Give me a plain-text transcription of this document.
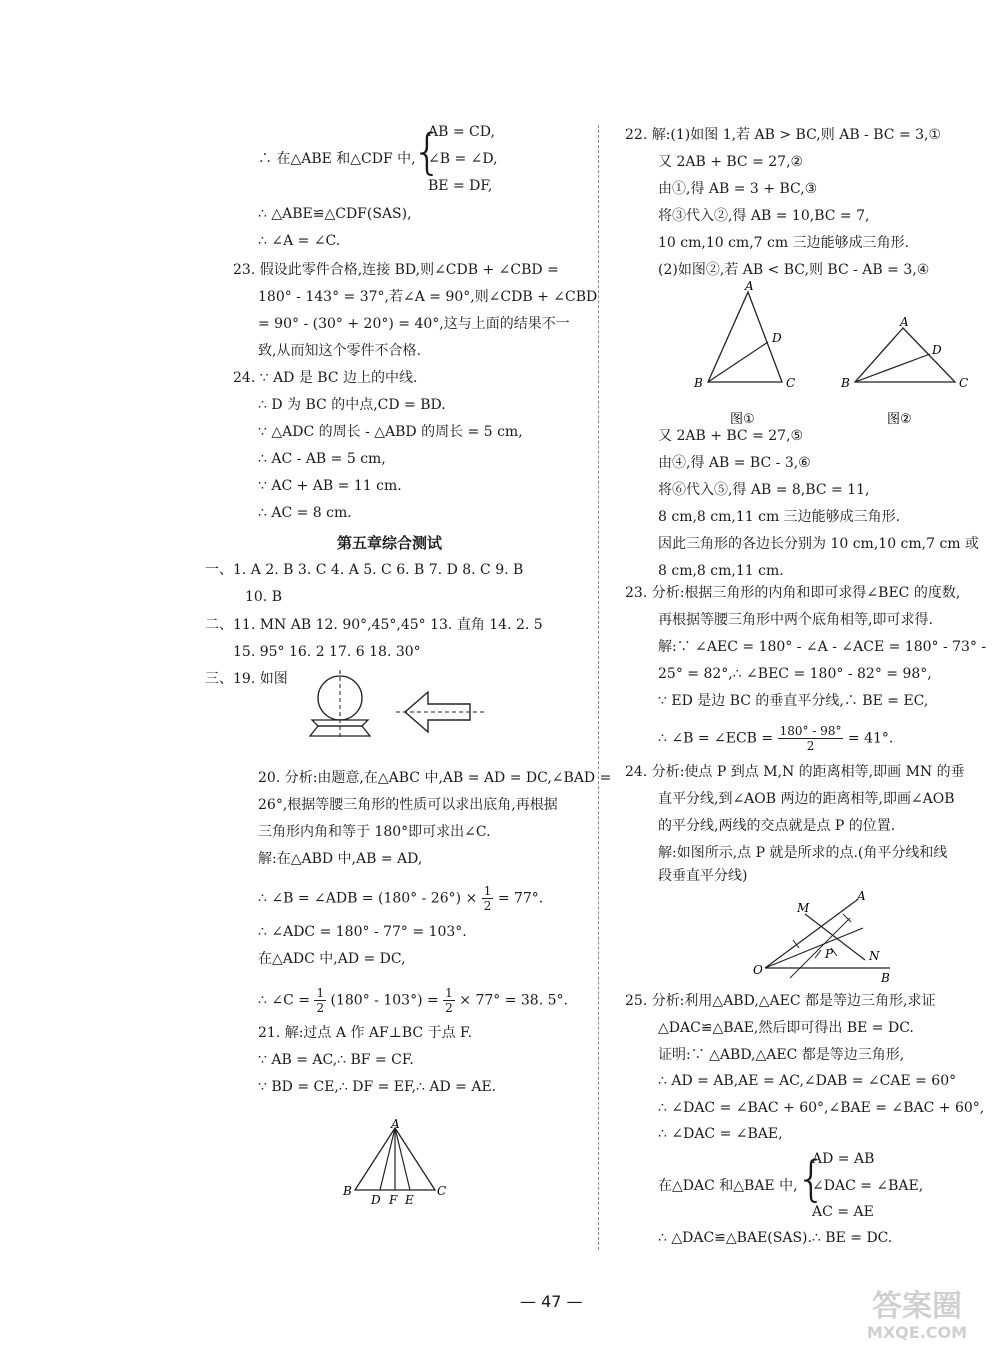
AB = CD,
{
∴ 在△ABE 和△CDF 中, ∠B = ∠D,
BE = DF,
∴ △ABE≌△CDF(SAS),
∴ ∠A = ∠C.
23. 假设此零件合格,连接 BD,则∠CDB + ∠CBD =
180° - 143° = 37°,若∠A = 90°,则∠CDB + ∠CBD
= 90° - (30° + 20°) = 40°,这与上面的结果不一
致,从而知这个零件不合格.
24. ∵ AD 是 BC 边上的中线.
∴ D 为 BC 的中点,CD = BD.
∵ △ADC 的周长 - △ABD 的周长 = 5 cm,
∴ AC - AB = 5 cm,
∵ AC + AB = 11 cm.
∴ AC = 8 cm.
第五章综合测试
一、1. A 2. B 3. C 4. A 5. C 6. B 7. D 8. C 9. B
10. B
二、11. MN AB 12. 90°,45°,45° 13. 直角 14. 2. 5
15. 95° 16. 2 17. 6 18. 30°
三、19. 如图
20. 分析:由题意,在△ABC 中,AB = AD = DC,∠BAD =
26°,根据等腰三角形的性质可以求出底角,再根据
三角形内角和等于 180°即可求出∠C.
解:在△ABD 中,AB = AD,
∴ ∠B = ∠ADB = $(180^\circ - 26^\circ) \times \frac{1}{2} = 77^\circ$.
∴ ∠ADC = 180° - 77° = 103°.
在△ADC 中,AD = DC,
∴ ∠C = $\frac{1}{2} (180^\circ - 103^\circ) = \frac{1}{2} \times 77^\circ = 38$. 5°.
21. 解:过点 A 作 AF⊥BC 于点 F.
∵ AB = AC,∴ BF = CF.
∵ BD = CE,∴ DF = EF,∴ AD = AE.
A
B	C
D F E
22. 解:(1)如图 1,若 AB > BC,则 AB - BC = 3,①
又 2AB + BC = 27,②
由①,得 AB = 3 + BC,③
将③代入②,得 AB = 10,BC = 7,
10 cm,10 cm,7 cm 三边能够成三角形.
(2)如图②,若 AB < BC,则 BC - AB = 3,④
A
B	C
D
图①
A
B	C
D
图②
又 2AB + BC = 27,⑤
由④,得 AB = BC - 3,⑥
将⑥代入⑤,得 AB = 8,BC = 11,
8 cm,8 cm,11 cm 三边能够成三角形.
因此三角形的各边长分别为 10 cm,10 cm,7 cm 或
8 cm,8 cm,11 cm.
23. 分析:根据三角形的内角和即可求得∠BEC 的度数,
再根据等腰三角形中两个底角相等,即可求得.
解:∵ ∠AEC = 180° - ∠A - ∠ACE = 180° - 73° -
25° = 82°,∴ ∠BEC = 180° - 82° = 98°,
∵ ED 是边 BC 的垂直平分线,∴ BE = EC,
∴ ∠B = ∠ECB = $\frac{180^\circ - 98^\circ}{2} = 41^\circ$.
24. 分析:使点 P 到点 M,N 的距离相等,即画 MN 的垂
直平分线,到∠AOB 两边的距离相等,即画∠AOB
的平分线,两线的交点就是点 P 的位置.
解:如图所示,点 P 就是所求的点.(角平分线和线
段垂直平分线)
M
A
P	N
O
B
25. 分析:利用△ABD,△AEC 都是等边三角形,求证
△DAC≌△BAE,然后即可得出 BE = DC.
证明:∵ △ABD,△AEC 都是等边三角形,
∴ AD = AB,AE = AC,∠DAB = ∠CAE = 60°
∴ ∠DAC = ∠BAC + 60°,∠BAE = ∠BAC + 60°,
∴ ∠DAC = ∠BAE,
AD = AB
{
在△DAC 和△BAE 中, ∠DAC = ∠BAE,
AC = AE
∴ △DAC≌△BAE(SAS).∴ BE = DC.
— 47 —	答案圈
MXQE.COM
